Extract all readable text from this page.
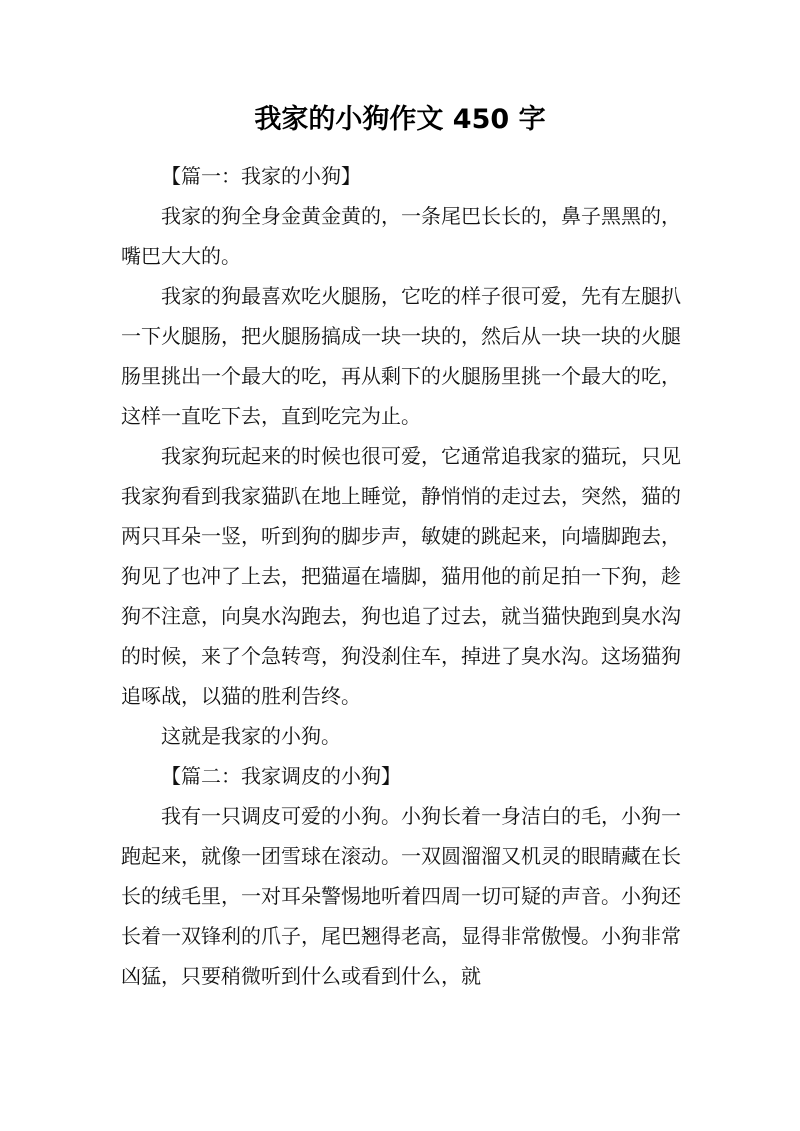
我家的小狗作文 450 字

【篇一：我家的小狗】

我家的狗全身金黄金黄的，一条尾巴长长的，鼻子黑黑的，嘴巴大大的。

我家的狗最喜欢吃火腿肠，它吃的样子很可爱，先有左腿扒一下火腿肠，把火腿肠搞成一块一块的，然后从一块一块的火腿肠里挑出一个最大的吃，再从剩下的火腿肠里挑一个最大的吃，这样一直吃下去，直到吃完为止。

我家狗玩起来的时候也很可爱，它通常追我家的猫玩，只见我家狗看到我家猫趴在地上睡觉，静悄悄的走过去，突然，猫的两只耳朵一竖，听到狗的脚步声，敏婕的跳起来，向墙脚跑去，狗见了也冲了上去，把猫逼在墙脚，猫用他的前足拍一下狗，趁狗不注意，向臭水沟跑去，狗也追了过去，就当猫快跑到臭水沟的时候，来了个急转弯，狗没刹住车，掉进了臭水沟。这场猫狗追啄战，以猫的胜利告终。

这就是我家的小狗。

【篇二：我家调皮的小狗】

我有一只调皮可爱的小狗。小狗长着一身洁白的毛，小狗一跑起来，就像一团雪球在滚动。一双圆溜溜又机灵的眼睛藏在长长的绒毛里，一对耳朵警惕地听着四周一切可疑的声音。小狗还长着一双锋利的爪子，尾巴翘得老高，显得非常傲慢。小狗非常凶猛，只要稍微听到什么或看到什么，就
